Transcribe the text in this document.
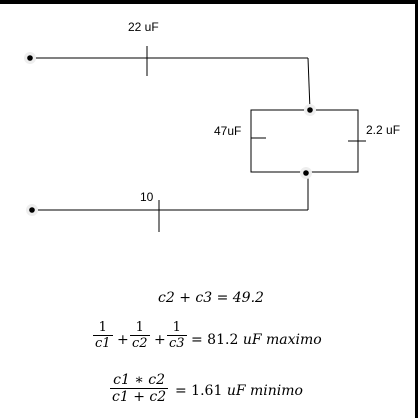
22 uF
47uF	2.2 uF
10
c2 + c3 = 49.2
$\frac{1}{c1} + \frac{1}{c2} + \frac{1}{c3} = 81.2$ uF maximo
$\frac{c1 ∗ c2}{c1 + c2} = 1.61$ uF minimo
